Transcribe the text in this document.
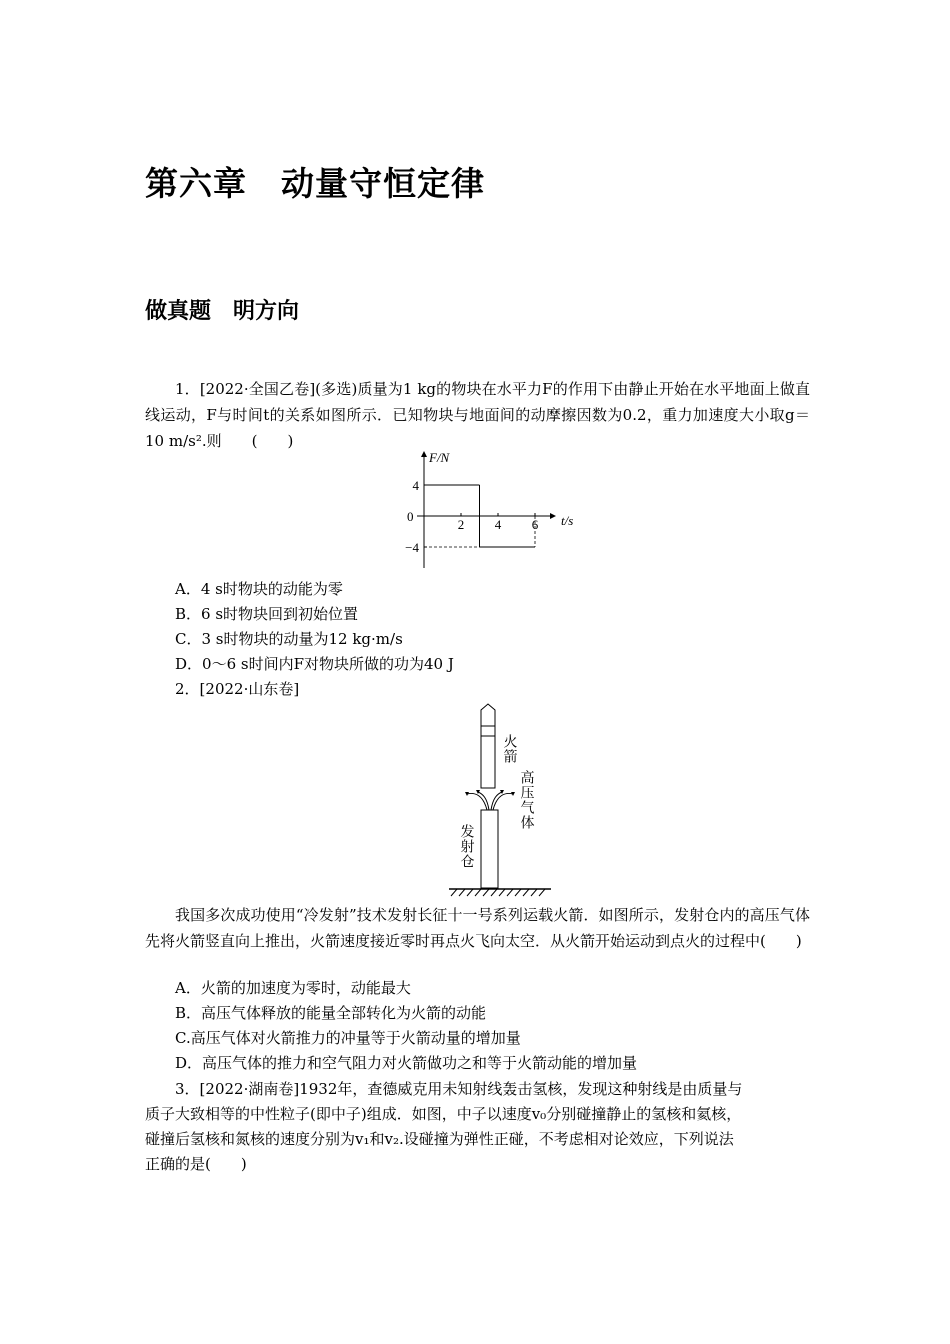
第六章　动量守恒定律
做真题　明方向
1．[2022·全国乙卷](多选)质量为1 kg的物块在水平力F的作用下由静止开始在水平地面上做直线运动，F与时间t的关系如图所示．已知物块与地面间的动摩擦因数为0.2，重力加速度大小取g＝10 m/s².则　　(　　)
2 4 6
4
−4
F/N
t/s
0
A．4 s时物块的动能为零
B．6 s时物块回到初始位置
C．3 s时物块的动量为12 kg·m/s
D．0～6 s时间内F对物块所做的功为40 J
2．[2022·山东卷]
火箭
高压气体
发射仓
我国多次成功使用“冷发射”技术发射长征十一号系列运载火箭．如图所示，发射仓内的高压气体先将火箭竖直向上推出，火箭速度接近零时再点火飞向太空．从火箭开始运动到点火的过程中(　　)
A．火箭的加速度为零时，动能最大
B．高压气体释放的能量全部转化为火箭的动能
C.高压气体对火箭推力的冲量等于火箭动量的增加量
D．高压气体的推力和空气阻力对火箭做功之和等于火箭动能的增加量
3．[2022·湖南卷]1932年，查德威克用未知射线轰击氢核，发现这种射线是由质量与
质子大致相等的中性粒子(即中子)组成．如图，中子以速度v₀分别碰撞静止的氢核和氦核，
碰撞后氢核和氮核的速度分别为v₁和v₂.设碰撞为弹性正碰，不考虑相对论效应，下列说法
正确的是(　　)
